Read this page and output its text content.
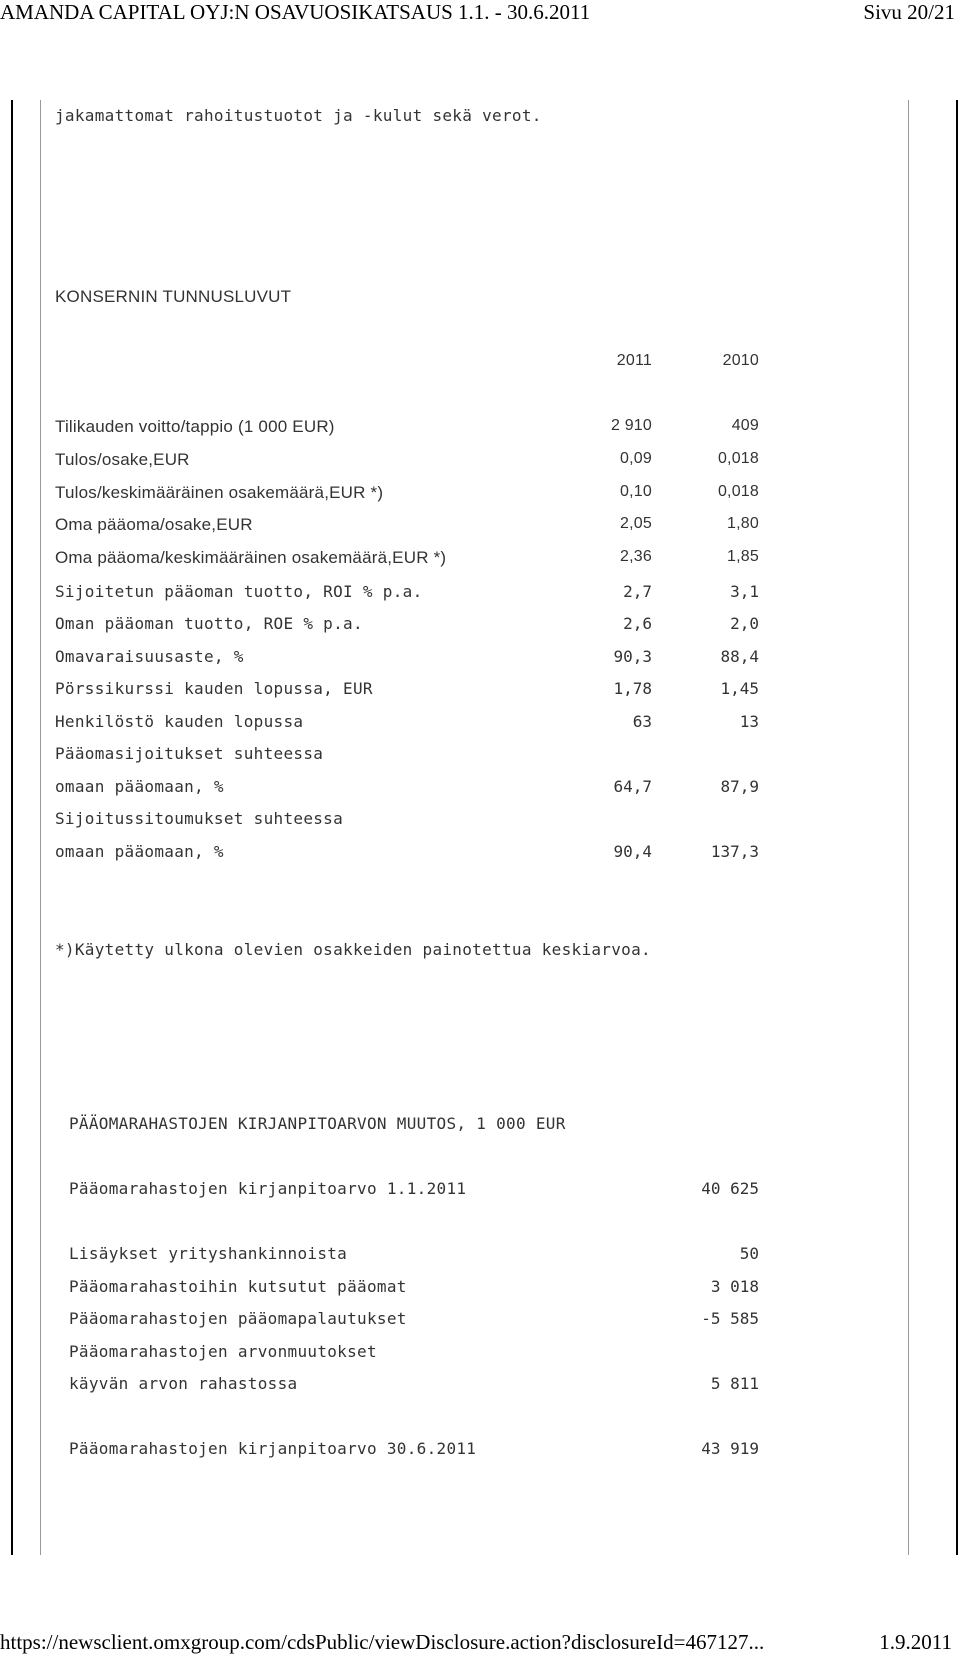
AMANDA CAPITAL OYJ:N OSAVUOSIKATSAUS 1.1. - 30.6.2011	Sivu 20/21
jakamattomat rahoitustuotot ja -kulut sekä verot.
KONSERNIN TUNNUSLUVUT
2011	2010
Tilikauden voitto/tappio (1 000 EUR)	2 910	409
Tulos/osake,EUR	0,09	0,018
Tulos/keskimääräinen osakemäärä,EUR *)	0,10	0,018
Oma pääoma/osake,EUR	2,05	1,80
Oma pääoma/keskimääräinen osakemäärä,EUR *)	2,36	1,85
Sijoitetun pääoman tuotto, ROI % p.a.	2,7	3,1
Oman pääoman tuotto, ROE % p.a.	2,6	2,0
Omavaraisuusaste, %	90,3	88,4
Pörssikurssi kauden lopussa, EUR	1,78	1,45
Henkilöstö kauden lopussa	63	13
Pääomasijoitukset suhteessa
omaan pääomaan, %	64,7	87,9
Sijoitussitoumukset suhteessa
omaan pääomaan, %	90,4	137,3
*)Käytetty ulkona olevien osakkeiden painotettua keskiarvoa.
PÄÄOMARAHASTOJEN KIRJANPITOARVON MUUTOS, 1 000 EUR
Pääomarahastojen kirjanpitoarvo 1.1.2011	40 625
Lisäykset yrityshankinnoista	50
Pääomarahastoihin kutsutut pääomat	3 018
Pääomarahastojen pääomapalautukset	-5 585
Pääomarahastojen arvonmuutokset
käyvän arvon rahastossa	5 811
Pääomarahastojen kirjanpitoarvo 30.6.2011	43 919
https://newsclient.omxgroup.com/cdsPublic/viewDisclosure.action?disclosureId=467127...	1.9.2011
